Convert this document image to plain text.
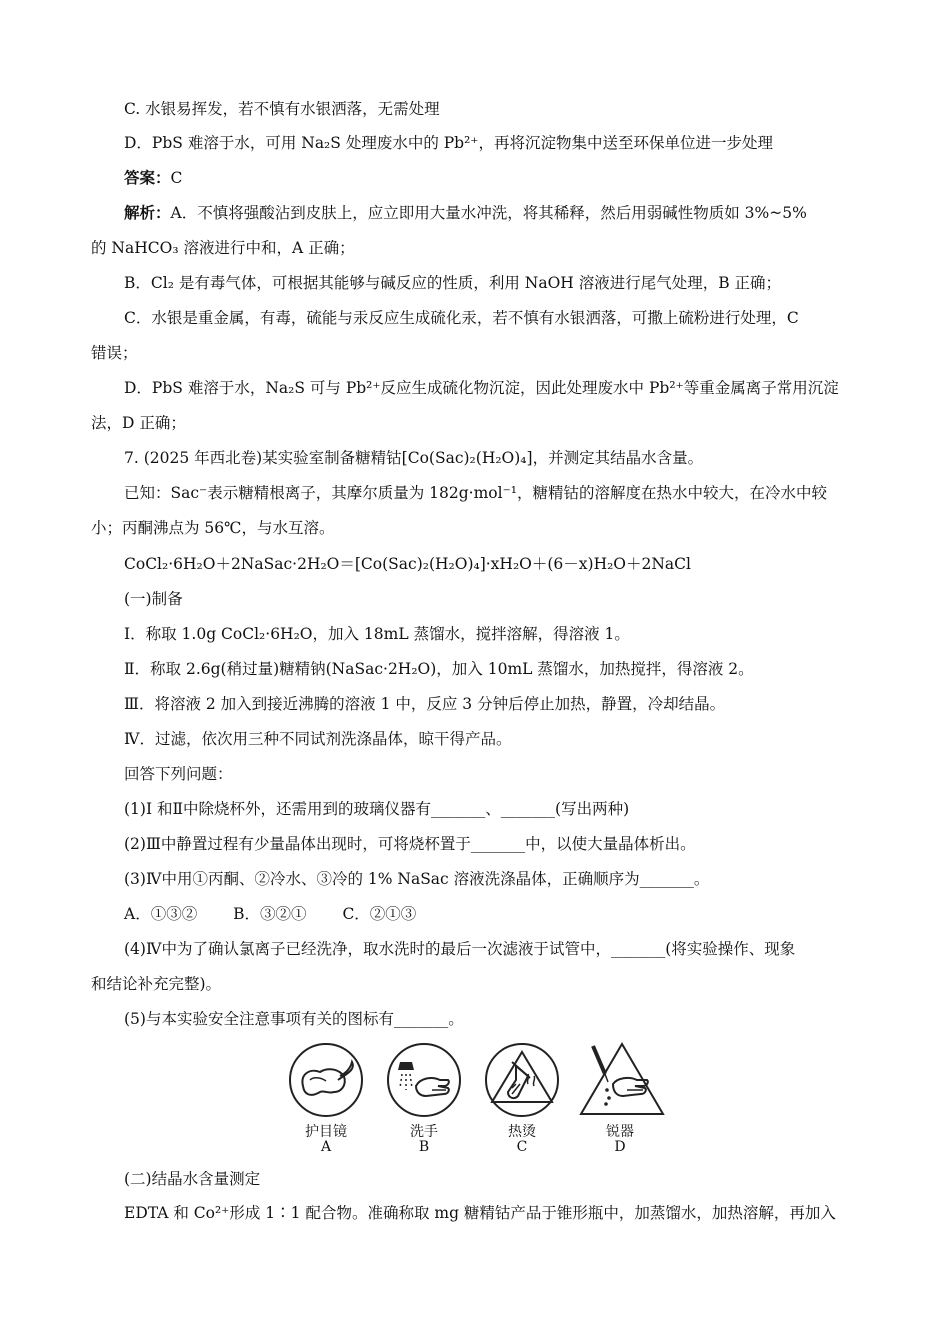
C. 水银易挥发，若不慎有水银洒落，无需处理
D．PbS 难溶于水，可用 Na₂S 处理废水中的 Pb²⁺，再将沉淀物集中送至环保单位进一步处理
答案：C
解析：A．不慎将强酸沾到皮肤上，应立即用大量水冲洗，将其稀释，然后用弱碱性物质如 3%~5%
的 NaHCO₃ 溶液进行中和，A 正确；
B．Cl₂ 是有毒气体，可根据其能够与碱反应的性质，利用 NaOH 溶液进行尾气处理，B 正确；
C．水银是重金属，有毒，硫能与汞反应生成硫化汞，若不慎有水银洒落，可撒上硫粉进行处理，C
错误；
D．PbS 难溶于水，Na₂S 可与 Pb²⁺反应生成硫化物沉淀，因此处理废水中 Pb²⁺等重金属离子常用沉淀
法，D 正确；
7. (2025 年西北卷)某实验室制备糖精钴[Co(Sac)₂(H₂O)₄]，并测定其结晶水含量。
已知：Sac⁻表示糖精根离子，其摩尔质量为 182g·mol⁻¹，糖精钴的溶解度在热水中较大，在冷水中较
小；丙酮沸点为 56℃，与水互溶。
CoCl₂·6H₂O＋2NaSac·2H₂O＝[Co(Sac)₂(H₂O)₄]·xH₂O＋(6－x)H₂O＋2NaCl
(一)制备
I．称取 1.0g CoCl₂·6H₂O，加入 18mL 蒸馏水，搅拌溶解，得溶液 1。
Ⅱ．称取 2.6g(稍过量)糖精钠(NaSac·2H₂O)，加入 10mL 蒸馏水，加热搅拌，得溶液 2。
Ⅲ．将溶液 2 加入到接近沸腾的溶液 1 中，反应 3 分钟后停止加热，静置，冷却结晶。
Ⅳ．过滤，依次用三种不同试剂洗涤晶体，晾干得产品。
回答下列问题：
(1)I 和Ⅱ中除烧杯外，还需用到的玻璃仪器有_______、_______(写出两种)
(2)Ⅲ中静置过程有少量晶体出现时，可将烧杯置于_______中，以使大量晶体析出。
(3)Ⅳ中用①丙酮、②冷水、③冷的 1% NaSac 溶液洗涤晶体，正确顺序为_______。
A．①③②　　 B．③②①　　 C．②①③
(4)Ⅳ中为了确认氯离子已经洗净，取水洗时的最后一次滤液于试管中，_______(将实验操作、现象
和结论补充完整)。
(5)与本实验安全注意事项有关的图标有_______。
护目镜
A
洗手
B
热烫
C
锐器
D
(二)结晶水含量测定
EDTA 和 Co²⁺形成 1∶1 配合物。准确称取 mg 糖精钴产品于锥形瓶中，加蒸馏水，加热溶解，再加入
